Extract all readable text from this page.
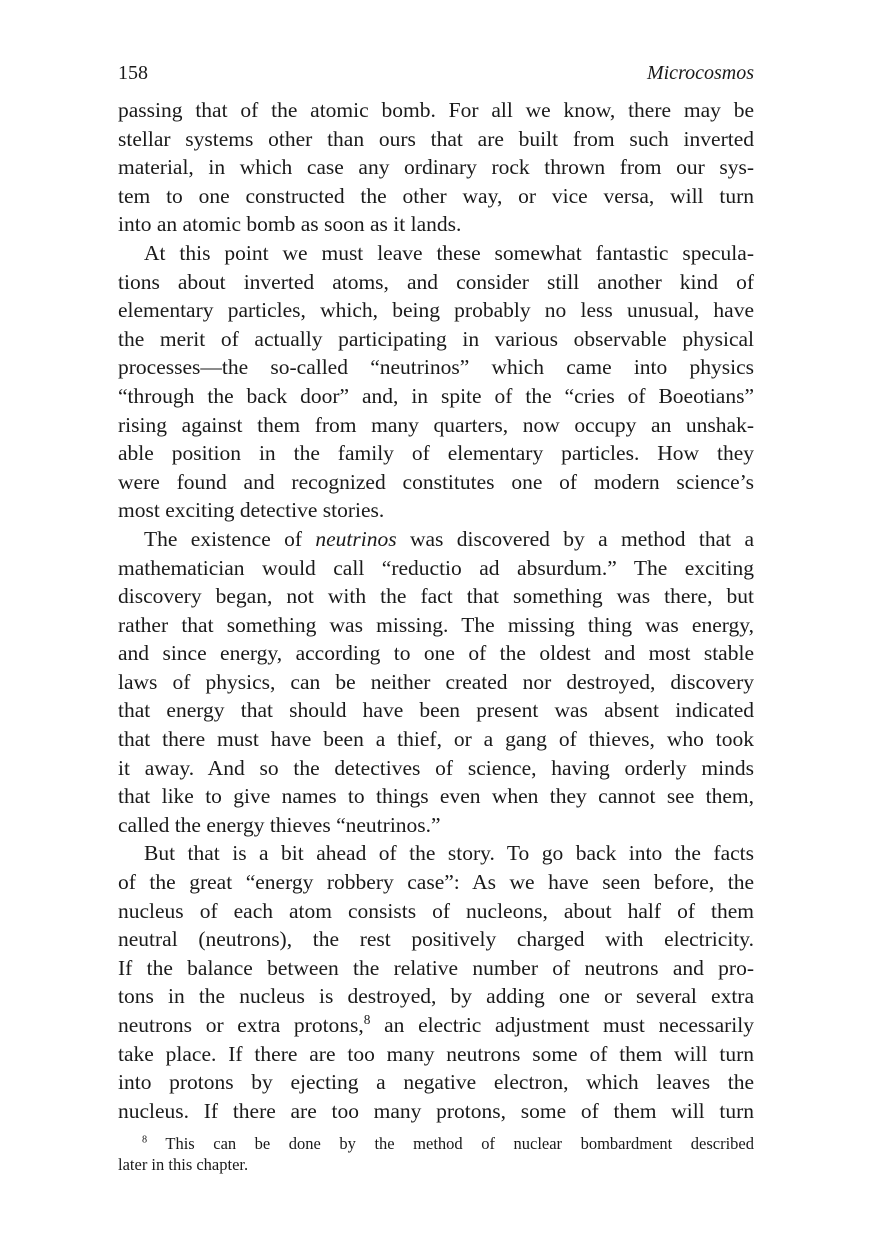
158	Microcosmos
passing that of the atomic bomb. For all we know, there may be
stellar systems other than ours that are built from such inverted
material, in which case any ordinary rock thrown from our sys-
tem to one constructed the other way, or vice versa, will turn
into an atomic bomb as soon as it lands.
At this point we must leave these somewhat fantastic specula-
tions about inverted atoms, and consider still another kind of
elementary particles, which, being probably no less unusual, have
the merit of actually participating in various observable physical
processes—the so-called “neutrinos” which came into physics
“through the back door” and, in spite of the “cries of Boeotians”
rising against them from many quarters, now occupy an unshak-
able position in the family of elementary particles. How they
were found and recognized constitutes one of modern science’s
most exciting detective stories.
The existence of neutrinos was discovered by a method that a
mathematician would call “reductio ad absurdum.” The exciting
discovery began, not with the fact that something was there, but
rather that something was missing. The missing thing was energy,
and since energy, according to one of the oldest and most stable
laws of physics, can be neither created nor destroyed, discovery
that energy that should have been present was absent indicated
that there must have been a thief, or a gang of thieves, who took
it away. And so the detectives of science, having orderly minds
that like to give names to things even when they cannot see them,
called the energy thieves “neutrinos.”
But that is a bit ahead of the story. To go back into the facts
of the great “energy robbery case”: As we have seen before, the
nucleus of each atom consists of nucleons, about half of them
neutral (neutrons), the rest positively charged with electricity.
If the balance between the relative number of neutrons and pro-
tons in the nucleus is destroyed, by adding one or several extra
neutrons or extra protons,$^8$ an electric adjustment must necessarily
take place. If there are too many neutrons some of them will turn
into protons by ejecting a negative electron, which leaves the
nucleus. If there are too many protons, some of them will turn
$^8$ This can be done by the method of nuclear bombardment described
later in this chapter.
